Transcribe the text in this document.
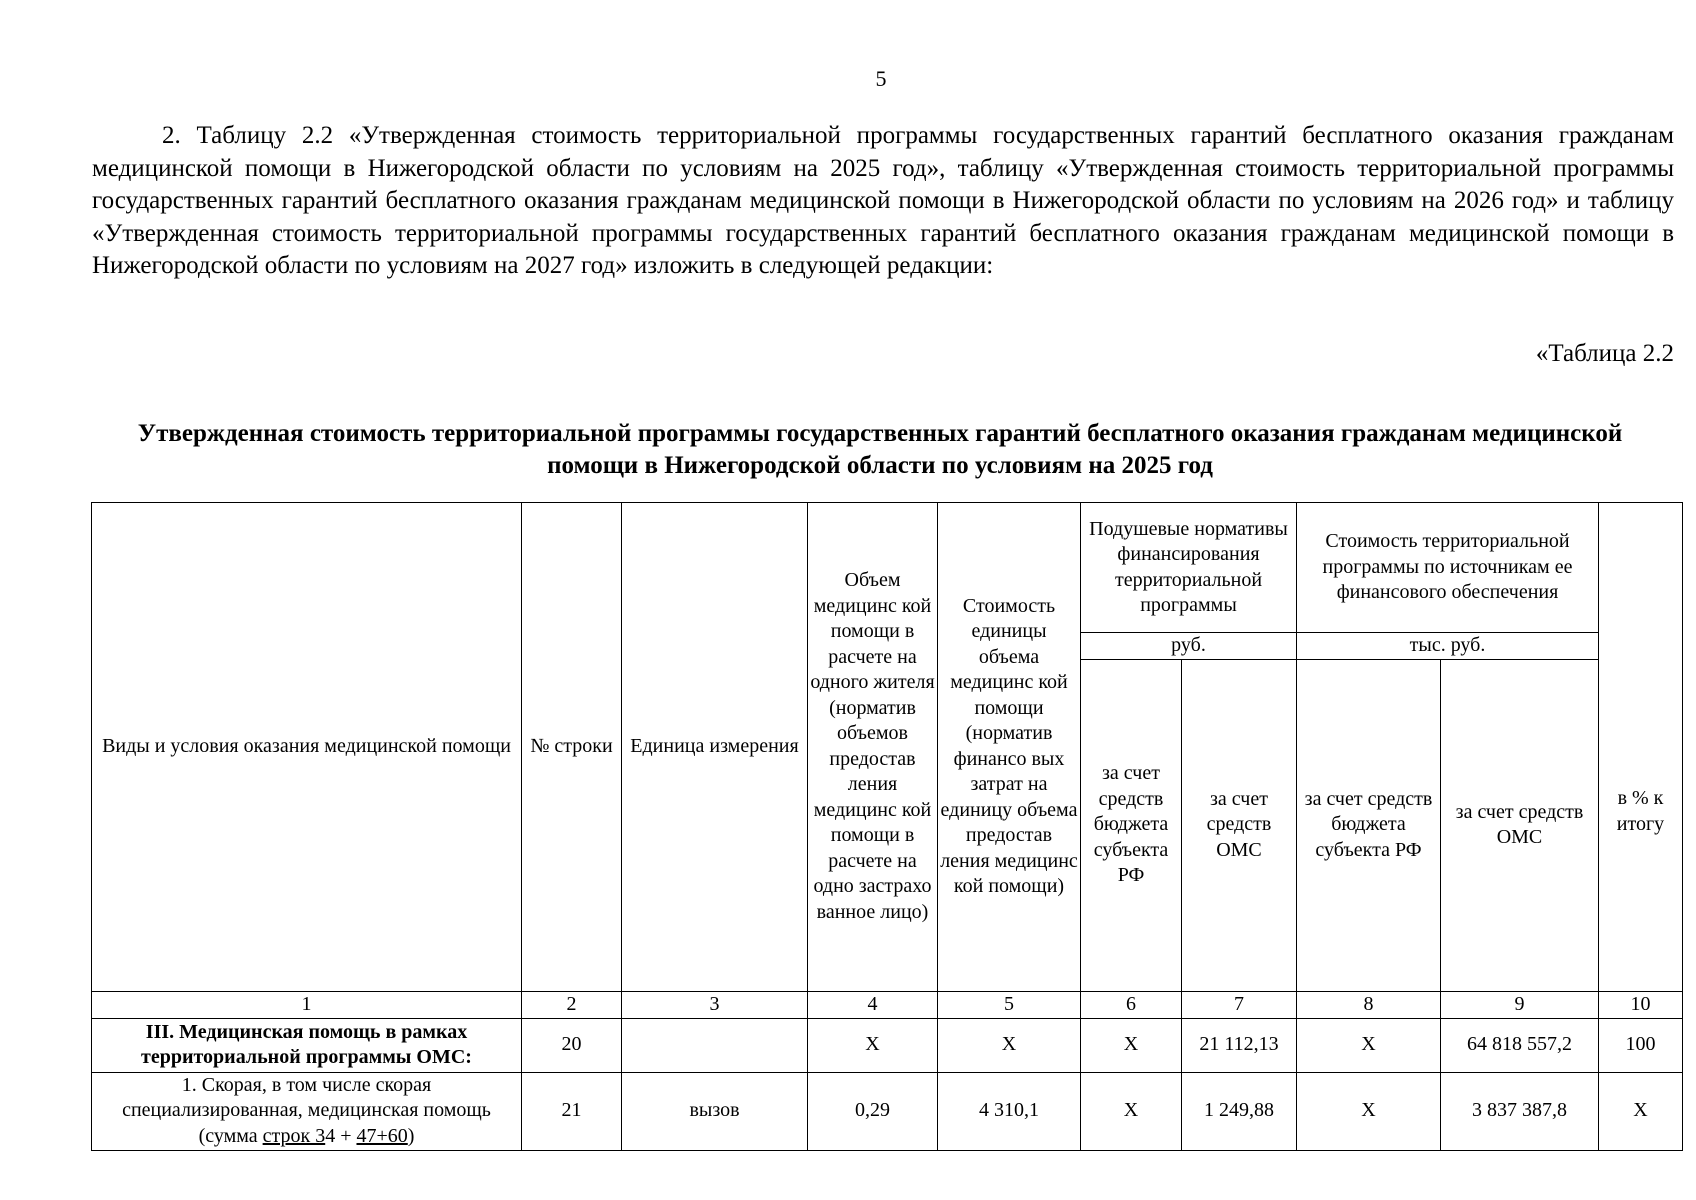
5

2. Таблицу 2.2 «Утвержденная стоимость территориальной программы государственных гарантий бесплатного оказания гражданам медицинской помощи в Нижегородской области по условиям на 2025 год», таблицу «Утвержденная стоимость территориальной программы государственных гарантий бесплатного оказания гражданам медицинской помощи в Нижегородской области по условиям на 2026 год» и таблицу «Утвержденная стоимость территориальной программы государственных гарантий бесплатного оказания гражданам медицинской помощи в Нижегородской области по условиям на 2027 год» изложить в следующей редакции:

«Таблица 2.2

Утвержденная стоимость территориальной программы государственных гарантий бесплатного оказания гражданам медицинской помощи в Нижегородской области по условиям на 2025 год

Виды и условия оказания медицинской помощи	№ строки	Единица измерения	Объем медицинс кой помощи в расчете на одного жителя (норматив объемов предостав ления медицинс кой помощи в расчете на одно застрахо ванное лицо)	Стоимость единицы объема медицинс кой помощи (норматив финансо вых затрат на единицу объема предостав ления медицинс кой помощи)	Подушевые нормативы финансирования территориальной программы		Стоимость территориальной программы по источникам ее финансового обеспечения		
					руб.		тыс. руб.		в % к итогу
					за счет средств бюджета субъекта РФ	за счет средств ОМС	за счет средств бюджета субъекта РФ	за счет средств ОМС	
1	2	3	4	5	6	7	8	9	10
III. Медицинская помощь в рамках территориальной программы ОМС:	20		X	X	X	21 112,13	X	64 818 557,2	100
1. Скорая, в том числе скорая специализированная, медицинская помощь (сумма строк 34 + 47+60)	21	вызов	0,29	4 310,1	X	1 249,88	X	3 837 387,8	X
